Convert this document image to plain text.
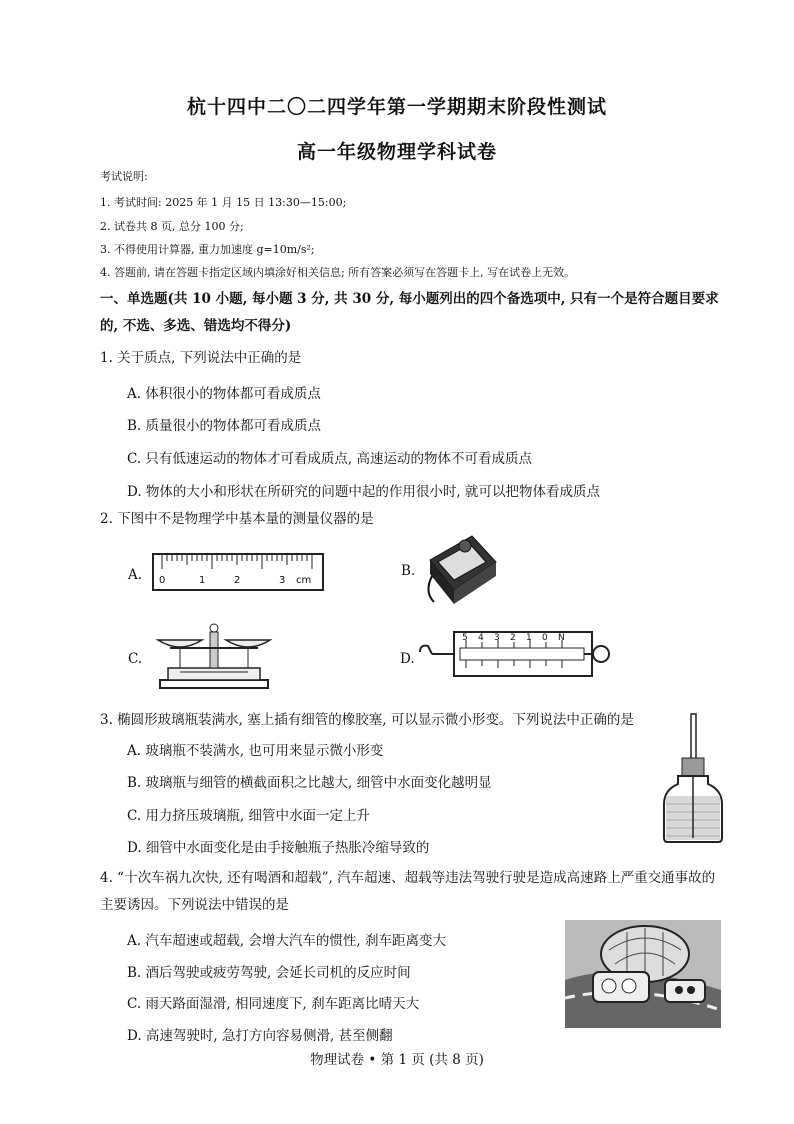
杭十四中二〇二四学年第一学期期末阶段性测试
高一年级物理学科试卷
考试说明:
1. 考试时间: 2025 年 1 月 15 日 13:30—15:00;
2. 试卷共 8 页, 总分 100 分;
3. 不得使用计算器, 重力加速度 g=10m/s²;
4. 答题前, 请在答题卡指定区域内填涂好相关信息; 所有答案必须写在答题卡上, 写在试卷上无效。
一、单选题(共 10 小题, 每小题 3 分, 共 30 分, 每小题列出的四个备选项中, 只有一个是符合题目要求
的, 不选、多选、错选均不得分)
1. 关于质点, 下列说法中正确的是
A. 体积很小的物体都可看成质点
B. 质量很小的物体都可看成质点
C. 只有低速运动的物体才可看成质点, 高速运动的物体不可看成质点
D. 物体的大小和形状在所研究的问题中起的作用很小时, 就可以把物体看成质点
2. 下图中不是物理学中基本量的测量仪器的是
A. 0	1	2	3 cm
B.
C.	D.
5 4 3 2 1 0 N
3. 椭圆形玻璃瓶装满水, 塞上插有细管的橡胶塞, 可以显示微小形变。下列说法中正确的是
A. 玻璃瓶不装满水, 也可用来显示微小形变
B. 玻璃瓶与细管的横截面积之比越大, 细管中水面变化越明显
C. 用力挤压玻璃瓶, 细管中水面一定上升
D. 细管中水面变化是由手接触瓶子热胀冷缩导致的
4. “十次车祸九次快, 还有喝酒和超载”, 汽车超速、超载等违法驾驶行驶是造成高速路上严重交通事故的
主要诱因。下列说法中错误的是
A. 汽车超速或超载, 会增大汽车的惯性, 刹车距离变大
B. 酒后驾驶或疲劳驾驶, 会延长司机的反应时间
C. 雨天路面湿滑, 相同速度下, 刹车距离比晴天大
D. 高速驾驶时, 急打方向容易侧滑, 甚至侧翻
物理试卷 • 第 1 页 (共 8 页)
